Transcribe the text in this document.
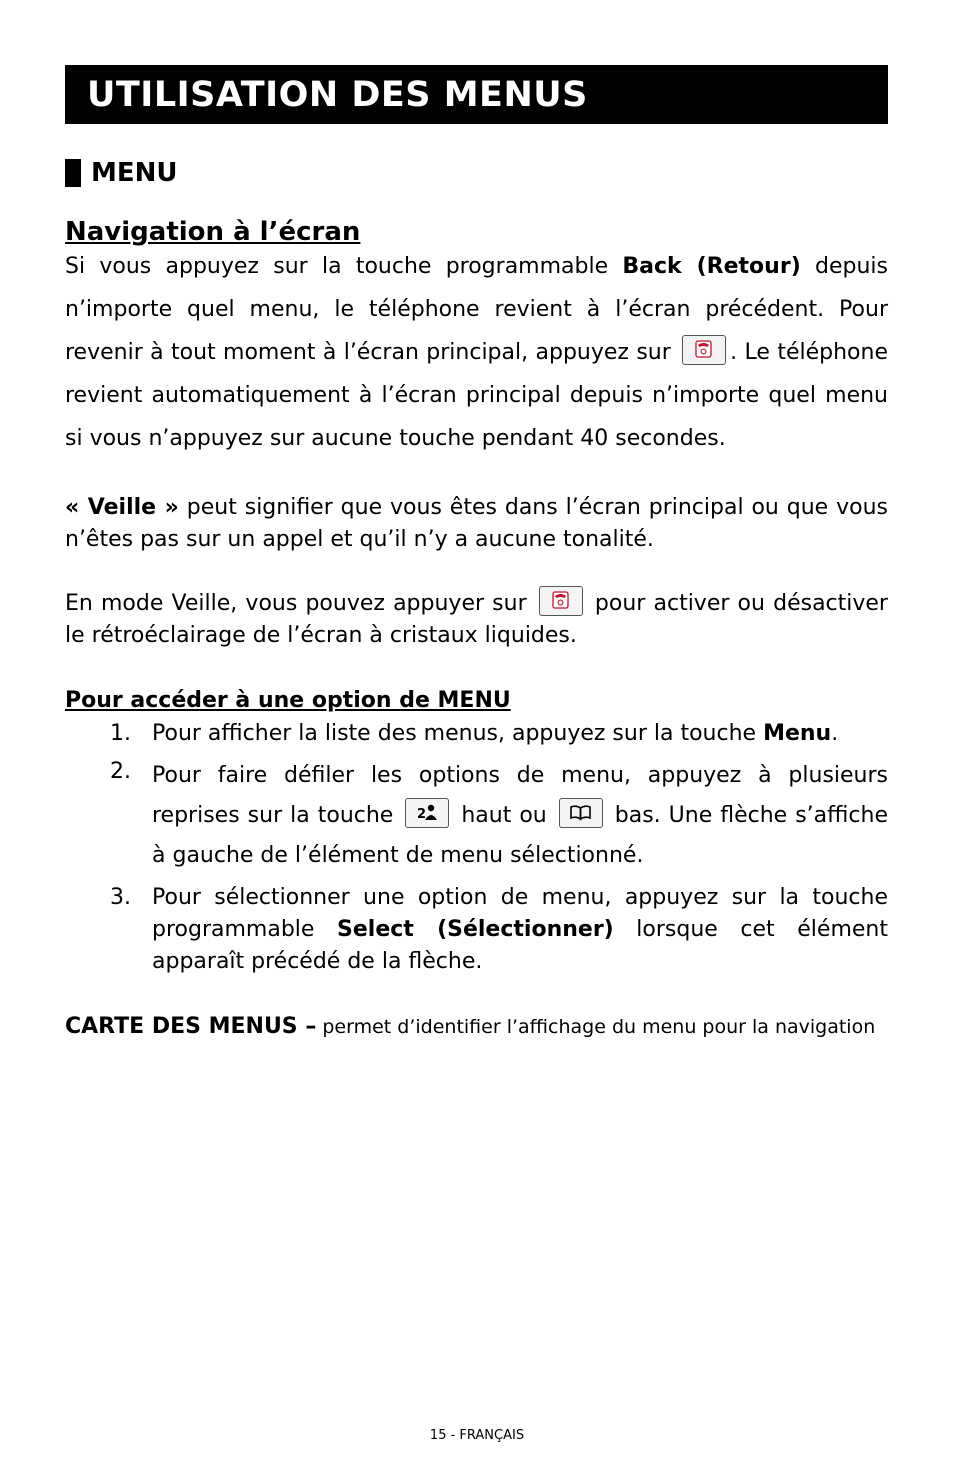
UTILISATION DES MENUS
MENU
Navigation à l’écran

Si vous appuyez sur la touche programmable Back (Retour) depuis n’importe quel menu, le téléphone revient à l’écran précédent. Pour revenir à tout moment à l’écran principal, appuyez sur
. Le téléphone revient automatiquement à l’écran principal depuis n’importe quel menu si vous n’appuyez sur aucune touche pendant 40 secondes.

« Veille » peut signifier que vous êtes dans l’écran principal ou que vous n’êtes pas sur un appel et qu’il n’y a aucune tonalité.

En mode Veille, vous pouvez appuyer sur
pour activer ou désactiver le rétroéclairage de l’écran à cristaux liquides.

Pour accéder à une option de MENU
1. Pour afficher la liste des menus, appuyez sur la touche Menu.
2. Pour faire défiler les options de menu, appuyez à plusieurs reprises sur la touche 2 haut ou
bas. Une flèche s’affiche à gauche de l’élément de menu sélectionné.
3. Pour sélectionner une option de menu, appuyez sur la touche programmable Select (Sélectionner) lorsque cet élément apparaît précédé de la flèche.
CARTE DES MENUS – permet d’identifier l’affichage du menu pour la navigation
15 - FRANÇAIS
